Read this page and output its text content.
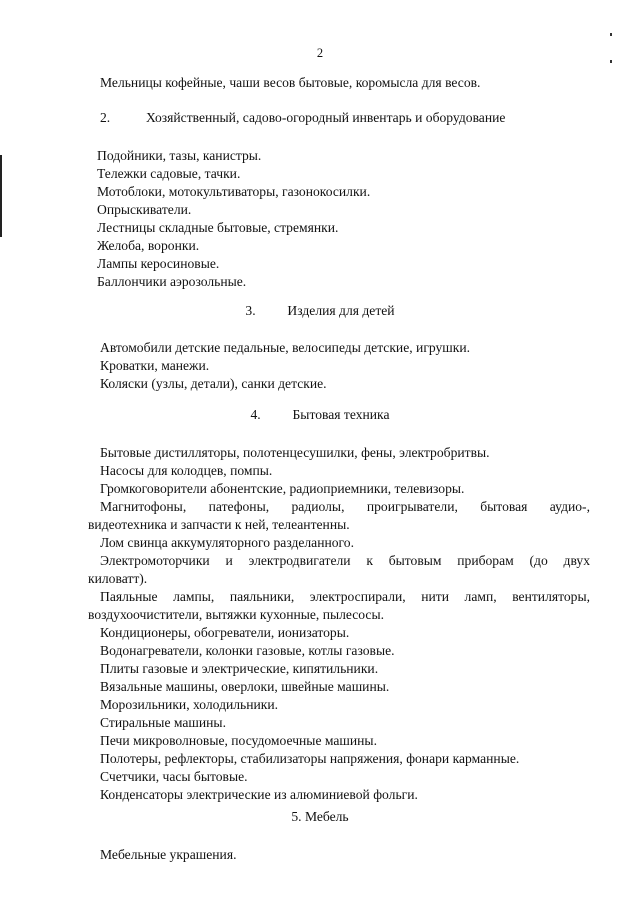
2
Мельницы кофейные, чаши весов бытовые, коромысла для весов.
2.	Хозяйственный, садово-огородный инвентарь и оборудование
Подойники, тазы, канистры.
Тележки садовые, тачки.
Мотоблоки, мотокультиваторы, газонокосилки.
Опрыскиватели.
Лестницы складные бытовые, стремянки.
Желоба, воронки.
Лампы керосиновые.
Баллончики аэрозольные.
3. Изделия для детей
Автомобили детские педальные, велосипеды детские, игрушки.
Кроватки, манежи.
Коляски (узлы, детали), санки детские.
4. Бытовая техника
Бытовые дистилляторы, полотенцесушилки, фены, электробритвы.
Насосы для колодцев, помпы.
Громкоговорители абонентские, радиоприемники, телевизоры.
Магнитофоны, патефоны, радиолы, проигрыватели, бытовая аудио-,
видеотехника и запчасти к ней, телеантенны.
Лом свинца аккумуляторного разделанного.
Электромоторчики и электродвигатели к бытовым приборам (до двух
киловатт).
Паяльные лампы, паяльники, электроспирали, нити ламп, вентиляторы,
воздухоочистители, вытяжки кухонные, пылесосы.
Кондиционеры, обогреватели, ионизаторы.
Водонагреватели, колонки газовые, котлы газовые.
Плиты газовые и электрические, кипятильники.
Вязальные машины, оверлоки, швейные машины.
Морозильники, холодильники.
Стиральные машины.
Печи микроволновые, посудомоечные машины.
Полотеры, рефлекторы, стабилизаторы напряжения, фонари карманные.
Счетчики, часы бытовые.
Конденсаторы электрические из алюминиевой фольги.
5. Мебель
Мебельные украшения.
